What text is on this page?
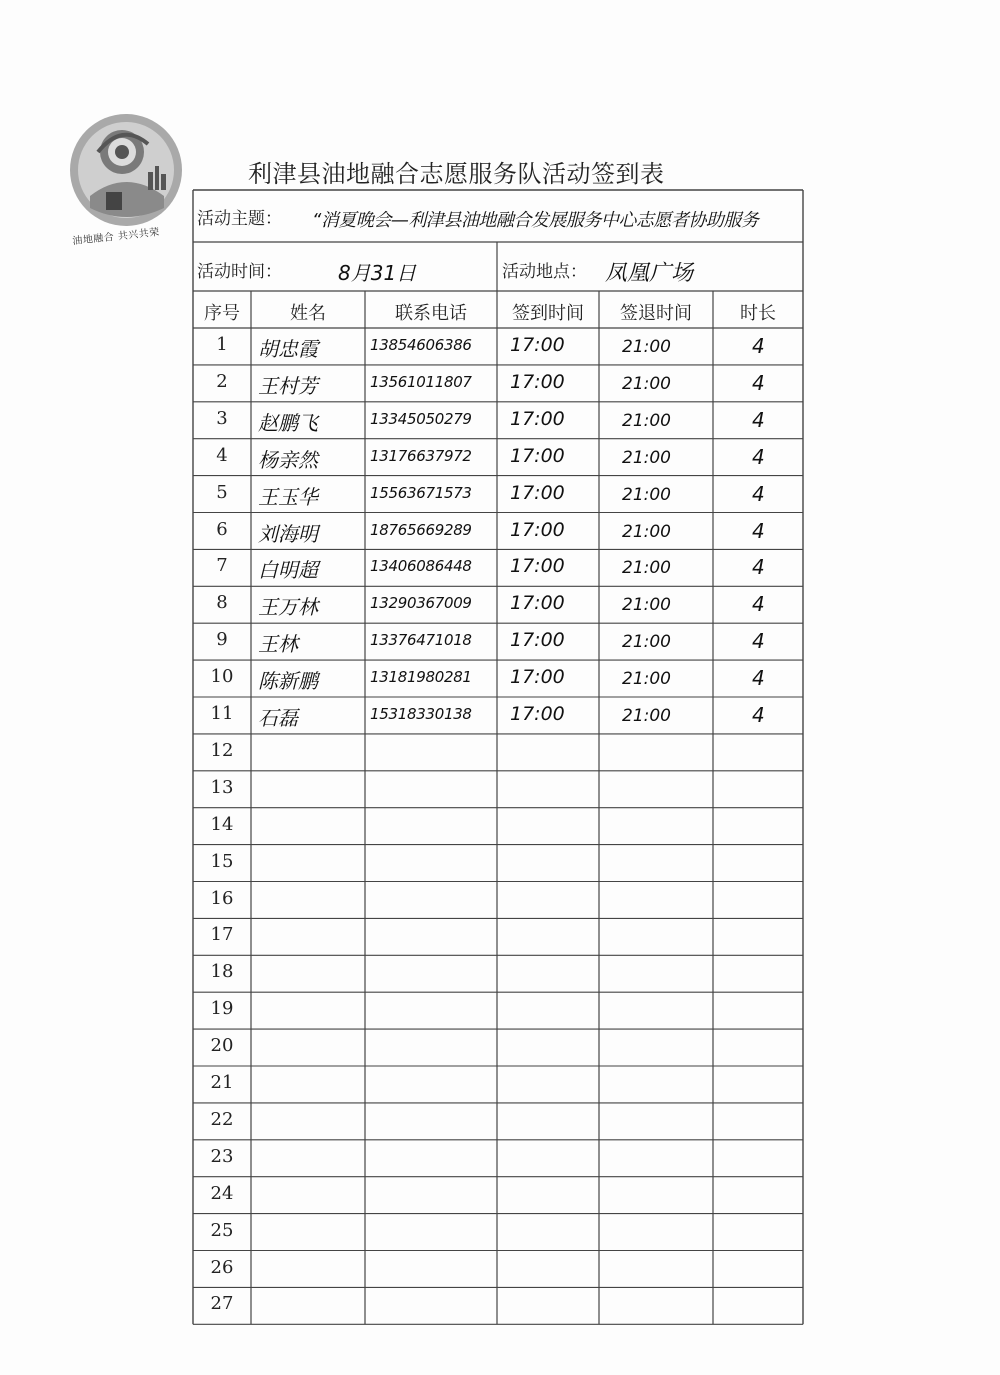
油地融合 共兴共荣
利津县油地融合志愿服务队活动签到表
活动主题： “消夏晚会—利津县油地融合发展服务中心志愿者协助服务
活动时间：	8月31日	活动地点： 凤凰广场
序号	姓名	联系电话	签到时间	签退时间	时长
1	胡忠霞	13854606386	17:00	21:00	4
2	王村芳	13561011807	17:00	21:00	4
3	赵鹏飞	13345050279	17:00	21:00	4
4	杨亲然	13176637972	17:00	21:00	4
5	王玉华	15563671573	17:00	21:00	4
6	刘海明	18765669289	17:00	21:00	4
7	白明超	13406086448	17:00	21:00	4
8	王万林	13290367009	17:00	21:00	4
9	王林	13376471018	17:00	21:00	4
10	陈新鹏	13181980281	17:00	21:00	4
11	石磊	15318330138	17:00	21:00	4
12
13
14
15
16
17
18
19
20
21
22
23
24
25
26
27
